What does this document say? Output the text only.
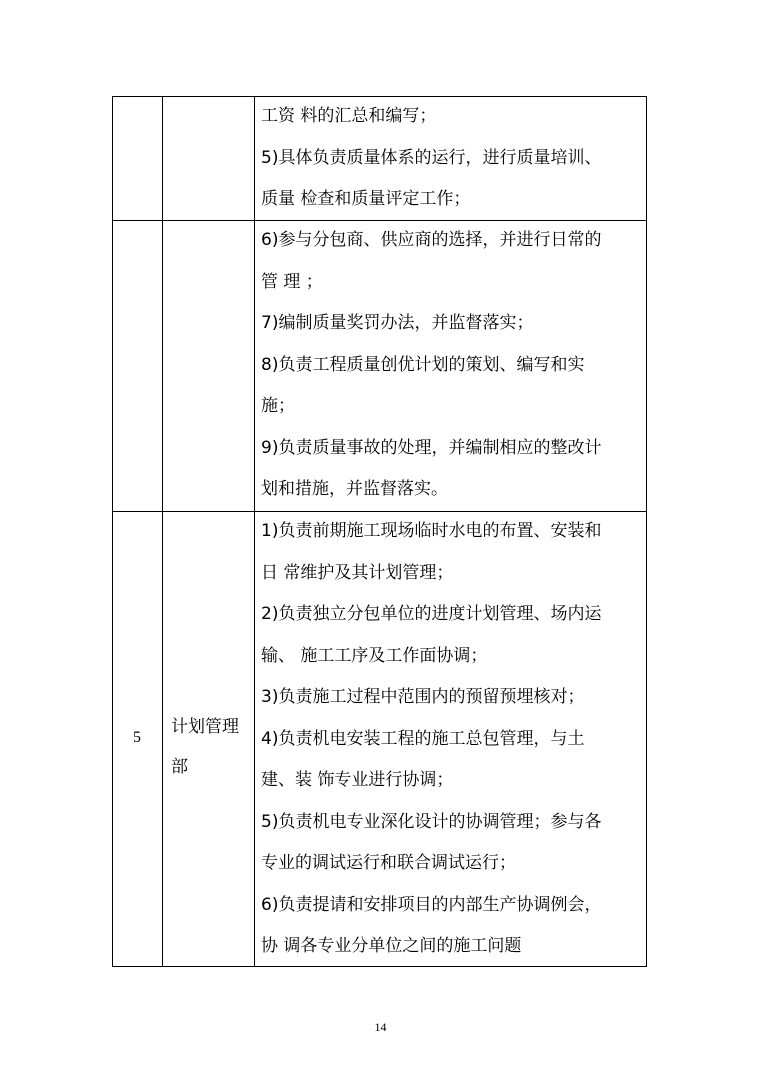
工资 料的汇总和编写；
5)具体负责质量体系的运行，进行质量培训、
质量 检查和质量评定工作；
6)参与分包商、供应商的选择，并进行日常的
管 理 ；
7)编制质量奖罚办法，并监督落实；
8)负责工程质量创优计划的策划、编写和实
施；
9)负责质量事故的处理，并编制相应的整改计
划和措施，并监督落实。
5
计划管理
部
1)负责前期施工现场临时水电的布置、安装和
日 常维护及其计划管理；
2)负责独立分包单位的进度计划管理、场内运
输、 施工工序及工作面协调；
3)负责施工过程中范围内的预留预埋核对；
4)负责机电安装工程的施工总包管理，与土
建、装 饰专业进行协调；
5)负责机电专业深化设计的协调管理；参与各
专业的调试运行和联合调试运行；
6)负责提请和安排项目的内部生产协调例会，
协 调各专业分单位之间的施工问题
14
